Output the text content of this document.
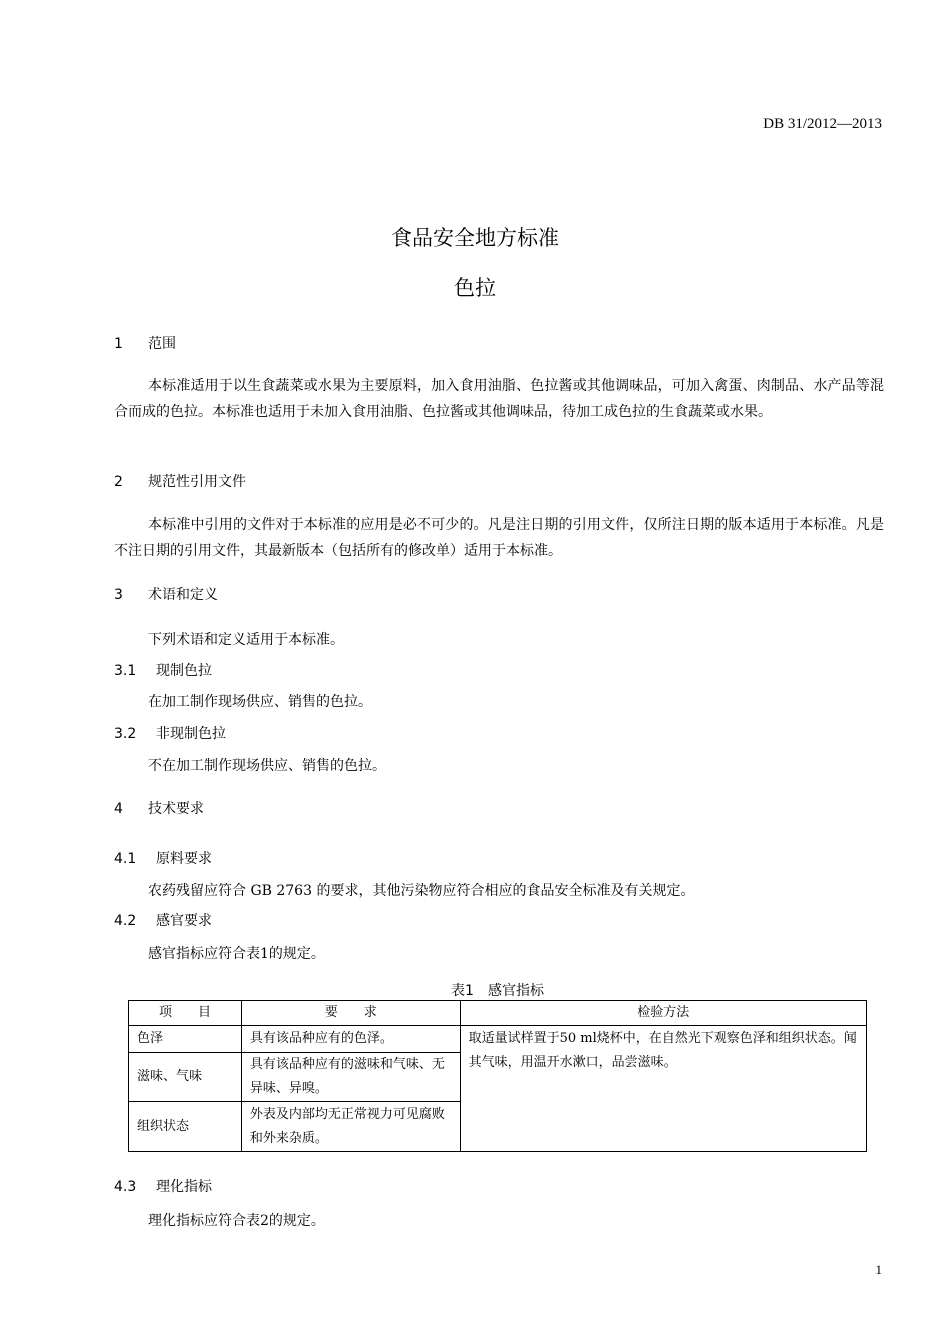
DB 31/2012—2013
食品安全地方标准
色拉
1 范围
本标准适用于以生食蔬菜或水果为主要原料，加入食用油脂、色拉酱或其他调味品，可加入禽蛋、肉制品、水产品等混合而成的色拉。本标准也适用于未加入食用油脂、色拉酱或其他调味品，待加工成色拉的生食蔬菜或水果。
2 规范性引用文件
本标准中引用的文件对于本标准的应用是必不可少的。凡是注日期的引用文件，仅所注日期的版本适用于本标准。凡是不注日期的引用文件，其最新版本（包括所有的修改单）适用于本标准。
3 术语和定义
下列术语和定义适用于本标准。
3.1 现制色拉
在加工制作现场供应、销售的色拉。
3.2 非现制色拉
不在加工制作现场供应、销售的色拉。
4 技术要求
4.1 原料要求
农药残留应符合 GB 2763 的要求，其他污染物应符合相应的食品安全标准及有关规定。
4.2 感官要求
感官指标应符合表1的规定。
表1　感官指标
项　　目	要　　求	检验方法
色泽	具有该品种应有的色泽。	取适量试样置于50 ml烧杯中，在自然光下观察色泽和组织状态。闻其气味，用温开水漱口，品尝滋味。
滋味、气味	具有该品种应有的滋味和气味、无异味、异嗅。	
组织状态	外表及内部均无正常视力可见腐败和外来杂质。	
4.3 理化指标
理化指标应符合表2的规定。
1
